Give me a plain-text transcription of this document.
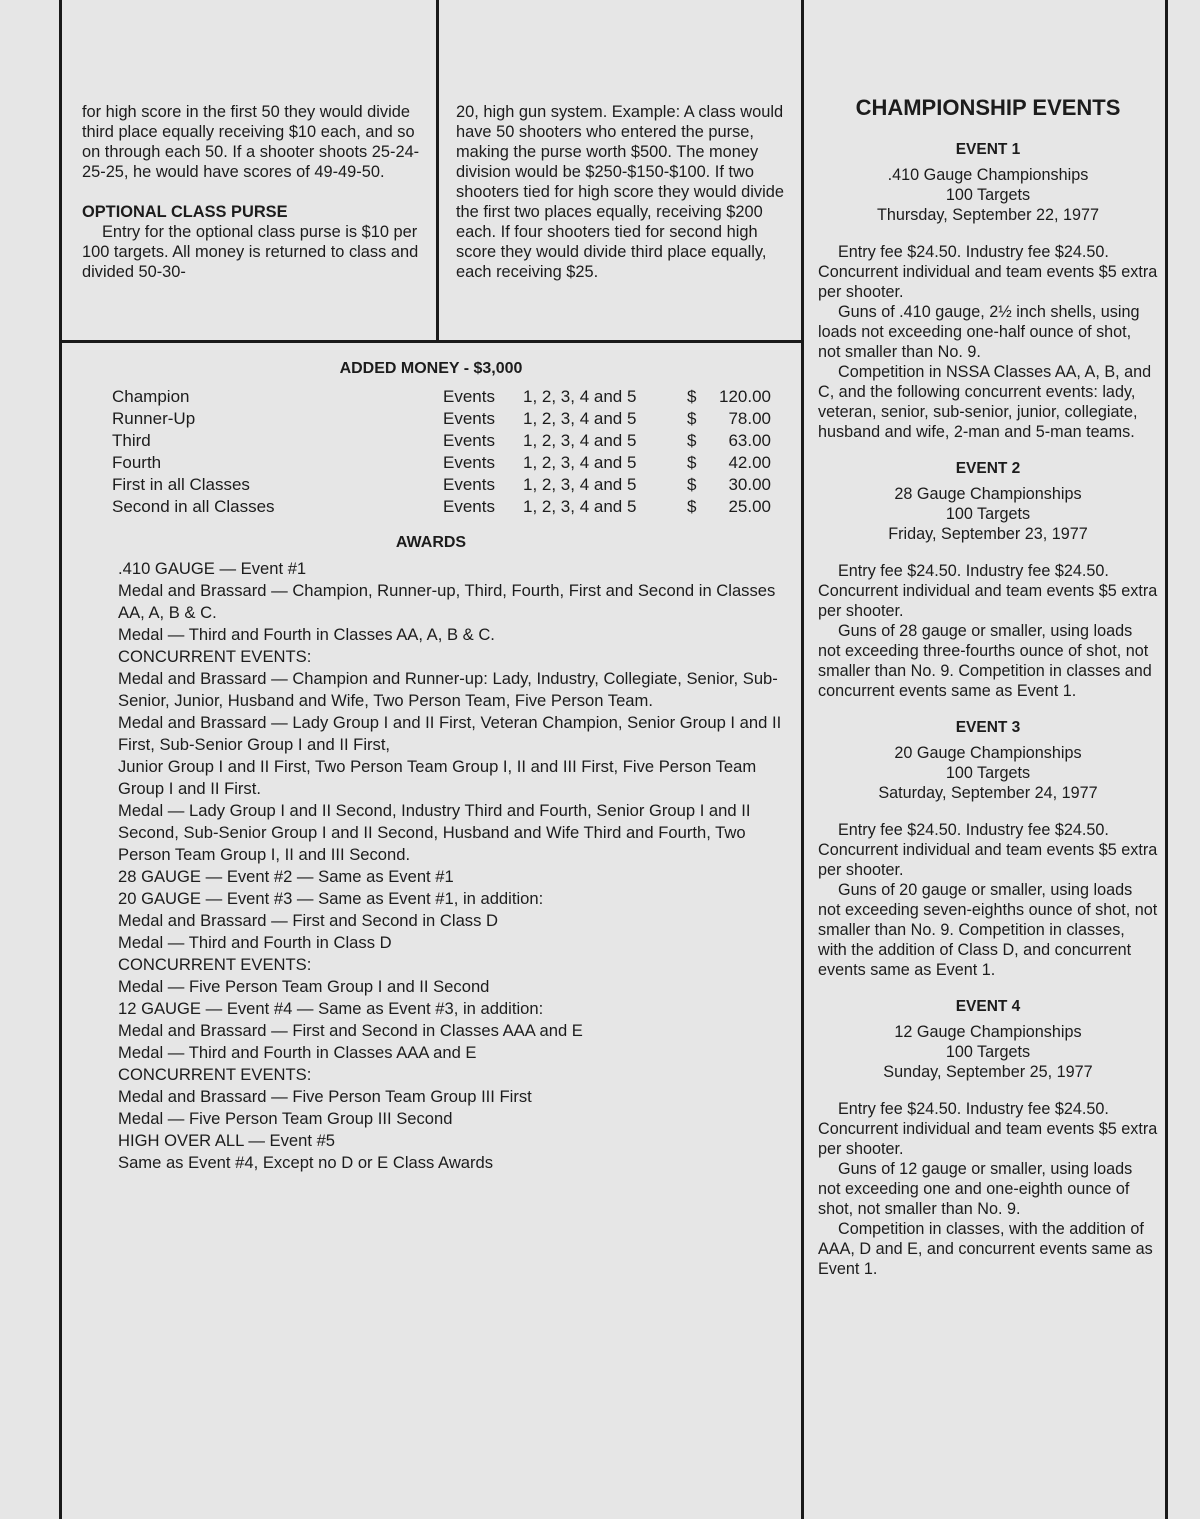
for high score in the first 50 they would divide third place equally receiving $10 each, and so on through each 50. If a shooter shoots 25-24-25-25, he would have scores of 49-49-50.

OPTIONAL CLASS PURSE

Entry for the optional class purse is $10 per 100 targets. All money is returned to class and divided 50-30-

20, high gun system. Example: A class would have 50 shooters who entered the purse, making the purse worth $500. The money division would be $250-$150-$100. If two shooters tied for high score they would divide the first two places equally, receiving $200 each. If four shooters tied for second high score they would divide third place equally, each receiving $25.

ADDED MONEY - $3,000
Champion	Events	1, 2, 3, 4 and 5	$	120.00
Runner-Up	Events	1, 2, 3, 4 and 5	$	78.00
Third	Events	1, 2, 3, 4 and 5	$	63.00
Fourth	Events	1, 2, 3, 4 and 5	$	42.00
First in all Classes	Events	1, 2, 3, 4 and 5	$	30.00
Second in all Classes	Events	1, 2, 3, 4 and 5	$	25.00
AWARDS

.410 GAUGE — Event #1

Medal and Brassard — Champion, Runner-up, Third, Fourth, First and Second in Classes AA, A, B & C.

Medal — Third and Fourth in Classes AA, A, B & C.

CONCURRENT EVENTS:

Medal and Brassard — Champion and Runner-up: Lady, Industry, Collegiate, Senior, Sub-Senior, Junior, Husband and Wife, Two Person Team, Five Person Team.

Medal and Brassard — Lady Group I and II First, Veteran Champion, Senior Group I and II First, Sub-Senior Group I and II First,

Junior Group I and II First, Two Person Team Group I, II and III First, Five Person Team Group I and II First.

Medal — Lady Group I and II Second, Industry Third and Fourth, Senior Group I and II Second, Sub-Senior Group I and II Second, Husband and Wife Third and Fourth, Two Person Team Group I, II and III Second.

28 GAUGE — Event #2 — Same as Event #1

20 GAUGE — Event #3 — Same as Event #1, in addition:

Medal and Brassard — First and Second in Class D

Medal — Third and Fourth in Class D

CONCURRENT EVENTS:

Medal — Five Person Team Group I and II Second

12 GAUGE — Event #4 — Same as Event #3, in addition:

Medal and Brassard — First and Second in Classes AAA and E

Medal — Third and Fourth in Classes AAA and E

CONCURRENT EVENTS:

Medal and Brassard — Five Person Team Group III First

Medal — Five Person Team Group III Second

HIGH OVER ALL — Event #5

Same as Event #4, Except no D or E Class Awards

CHAMPIONSHIP EVENTS
EVENT 1

.410 Gauge Championships

100 Targets

Thursday, September 22, 1977

Entry fee $24.50. Industry fee $24.50. Concurrent individual and team events $5 extra per shooter.

Guns of .410 gauge, 2½ inch shells, using loads not exceeding one-half ounce of shot, not smaller than No. 9.

Competition in NSSA Classes AA, A, B, and C, and the following concurrent events: lady, veteran, senior, sub-senior, junior, collegiate, husband and wife, 2-man and 5-man teams.

EVENT 2

28 Gauge Championships

100 Targets

Friday, September 23, 1977

Entry fee $24.50. Industry fee $24.50. Concurrent individual and team events $5 extra per shooter.

Guns of 28 gauge or smaller, using loads not exceeding three-fourths ounce of shot, not smaller than No. 9. Competition in classes and concurrent events same as Event 1.

EVENT 3

20 Gauge Championships

100 Targets

Saturday, September 24, 1977

Entry fee $24.50. Industry fee $24.50. Concurrent individual and team events $5 extra per shooter.

Guns of 20 gauge or smaller, using loads not exceeding seven-eighths ounce of shot, not smaller than No. 9. Competition in classes, with the addition of Class D, and concurrent events same as Event 1.

EVENT 4

12 Gauge Championships

100 Targets

Sunday, September 25, 1977

Entry fee $24.50. Industry fee $24.50. Concurrent individual and team events $5 extra per shooter.

Guns of 12 gauge or smaller, using loads not exceeding one and one-eighth ounce of shot, not smaller than No. 9.

Competition in classes, with the addition of AAA, D and E, and concurrent events same as Event 1.
